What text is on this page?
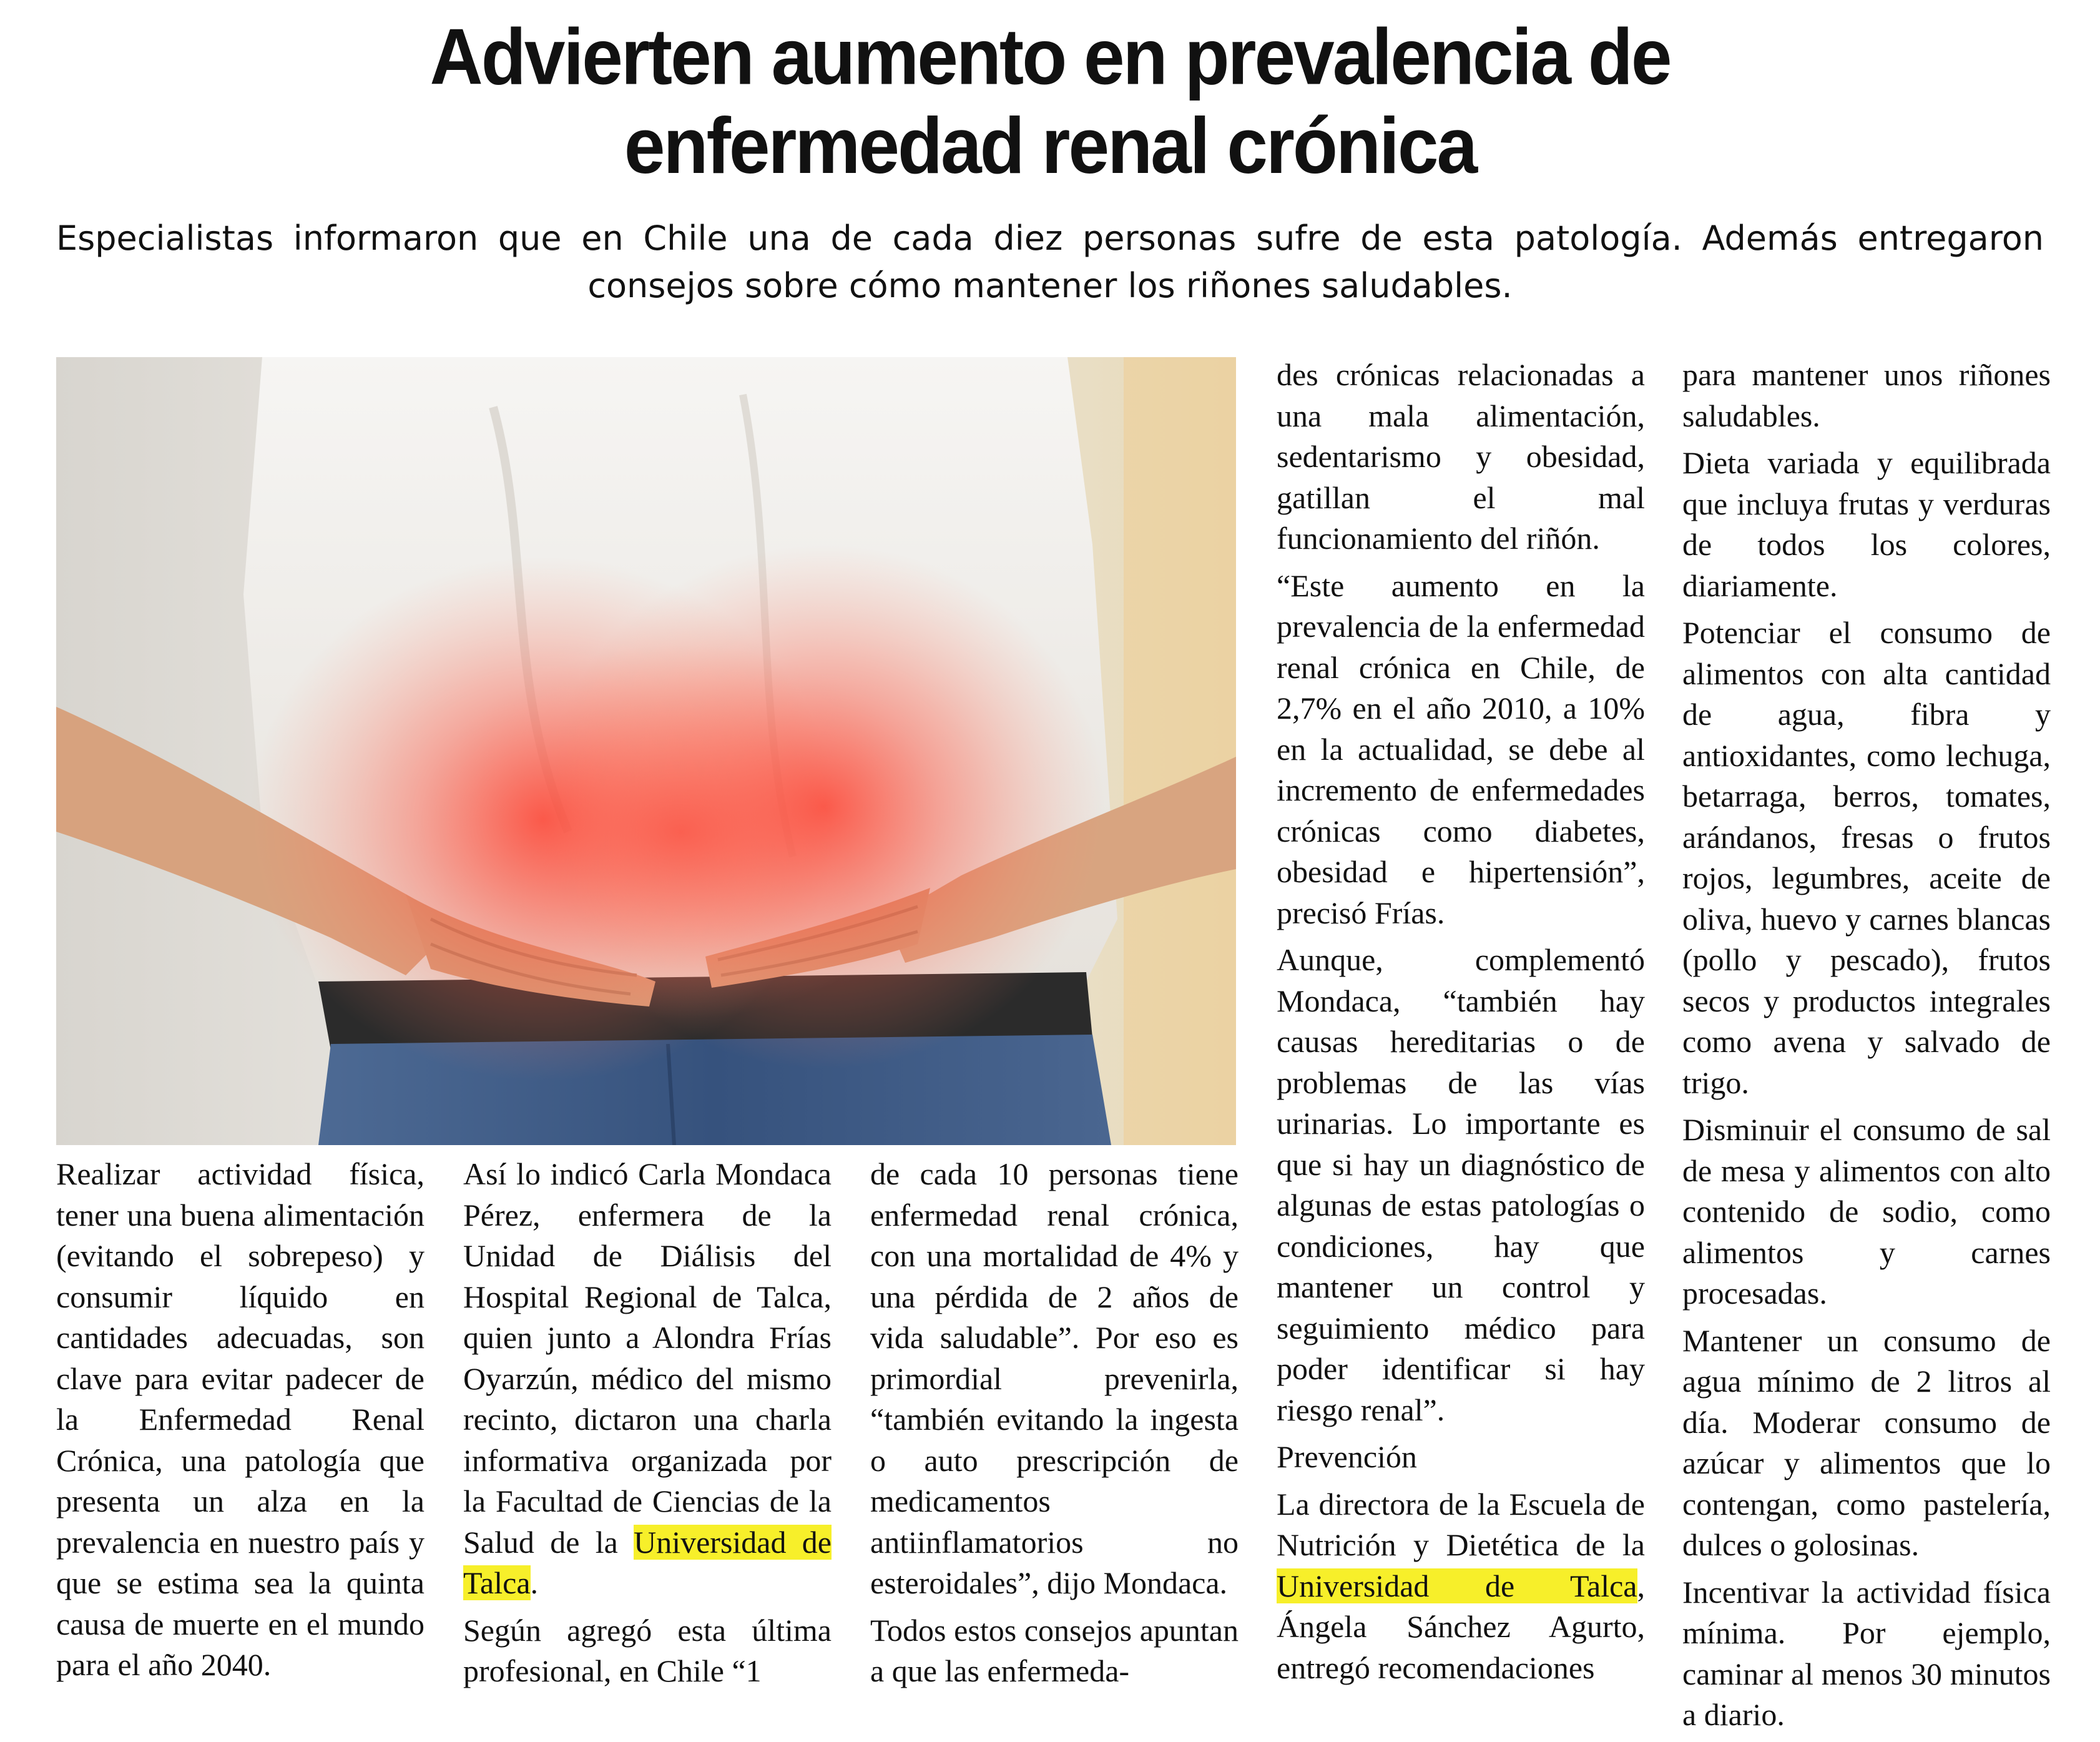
Advierten aumento en prevalencia de
enfermedad renal crónica

Especialistas informaron que en Chile una de cada diez personas sufre de esta patología. Además entregaron consejos sobre cómo mantener los riñones saludables.

Realizar actividad física, tener una buena alimentación (evitando el sobrepeso) y consumir líquido en cantidades adecuadas, son clave para evitar padecer de la Enfermedad Renal Crónica, una patología que presenta un alza en la prevalencia en nuestro país y que se estima sea la quinta causa de muerte en el mundo para el año 2040.

Así lo indicó Carla Mondaca Pérez, enfermera de la Unidad de Diálisis del Hospital Regional de Talca, quien junto a Alondra Frías Oyarzún, médico del mismo recinto, dictaron una charla informativa organizada por la Facultad de Ciencias de la Salud de la Universidad de Talca.

Según agregó esta última profesional, en Chile “1

de cada 10 personas tiene enfermedad renal crónica, con una mortalidad de 4% y una pérdida de 2 años de vida saludable”. Por eso es primordial prevenirla, “también evitando la ingesta o auto prescripción de medicamentos antiinflamatorios no esteroidales”, dijo Mondaca.

Todos estos consejos apuntan a que las enfermeda-

des crónicas relacionadas a una mala alimentación, sedentarismo y obesidad, gatillan el mal funcionamiento del riñón.

“Este aumento en la prevalencia de la enfermedad renal crónica en Chile, de 2,7% en el año 2010, a 10% en la actualidad, se debe al incremento de enfermedades crónicas como diabetes, obesidad e hipertensión”, precisó Frías.

Aunque, complementó Mondaca, “también hay causas hereditarias o de problemas de las vías urinarias. Lo importante es que si hay un diagnóstico de algunas de estas patologías o condiciones, hay que mantener un control y seguimiento médico para poder identificar si hay riesgo renal”.

Prevención

La directora de la Escuela de Nutrición y Dietética de la Universidad de Talca, Ángela Sánchez Agurto, entregó recomendaciones

para mantener unos riñones saludables.

Dieta variada y equilibrada que incluya frutas y verduras de todos los colores, diariamente.

Potenciar el consumo de alimentos con alta cantidad de agua, fibra y antioxidantes, como lechuga, betarraga, berros, tomates, arándanos, fresas o frutos rojos, legumbres, aceite de oliva, huevo y carnes blancas (pollo y pescado), frutos secos y productos integrales como avena y salvado de trigo.

Disminuir el consumo de sal de mesa y alimentos con alto contenido de sodio, como alimentos y carnes procesadas.

Mantener un consumo de agua mínimo de 2 litros al día. Moderar consumo de azúcar y alimentos que lo contengan, como pastelería, dulces o golosinas.

Incentivar la actividad física mínima. Por ejemplo, caminar al menos 30 minutos a diario.
